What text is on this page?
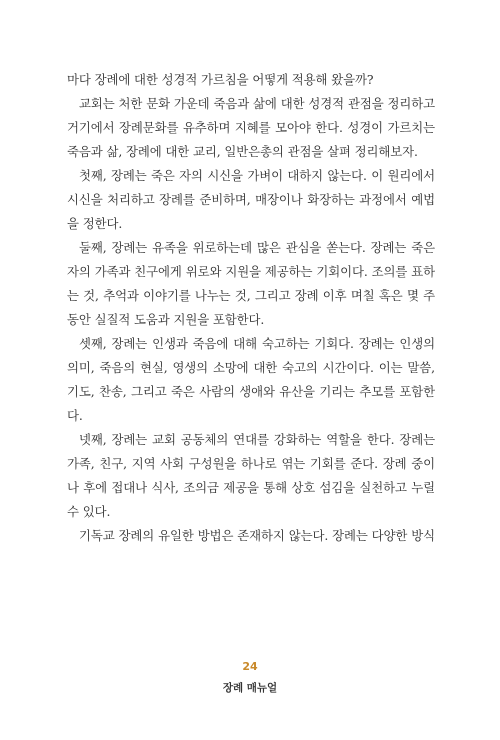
마다 장례에 대한 성경적 가르침을 어떻게 적용해 왔을까?
교회는 처한 문화 가운데 죽음과 삶에 대한 성경적 관점을 정리하고
거기에서 장례문화를 유추하며 지혜를 모아야 한다. 성경이 가르치는
죽음과 삶, 장례에 대한 교리, 일반은총의 관점을 살펴 정리해보자.
첫째, 장례는 죽은 자의 시신을 가벼이 대하지 않는다. 이 원리에서
시신을 처리하고 장례를 준비하며, 매장이나 화장하는 과정에서 예법
을 정한다.
둘째, 장례는 유족을 위로하는데 많은 관심을 쏟는다. 장례는 죽은
자의 가족과 친구에게 위로와 지원을 제공하는 기회이다. 조의를 표하
는 것, 추억과 이야기를 나누는 것, 그리고 장례 이후 며칠 혹은 몇 주
동안 실질적 도움과 지원을 포함한다.
셋째, 장례는 인생과 죽음에 대해 숙고하는 기회다. 장례는 인생의
의미, 죽음의 현실, 영생의 소망에 대한 숙고의 시간이다. 이는 말씀,
기도, 찬송, 그리고 죽은 사람의 생애와 유산을 기리는 추모를 포함한
다.
넷째, 장례는 교회 공동체의 연대를 강화하는 역할을 한다. 장례는
가족, 친구, 지역 사회 구성원을 하나로 엮는 기회를 준다. 장례 중이
나 후에 접대나 식사, 조의금 제공을 통해 상호 섬김을 실천하고 누릴
수 있다.
기독교 장례의 유일한 방법은 존재하지 않는다. 장례는 다양한 방식
24
장례 매뉴얼
